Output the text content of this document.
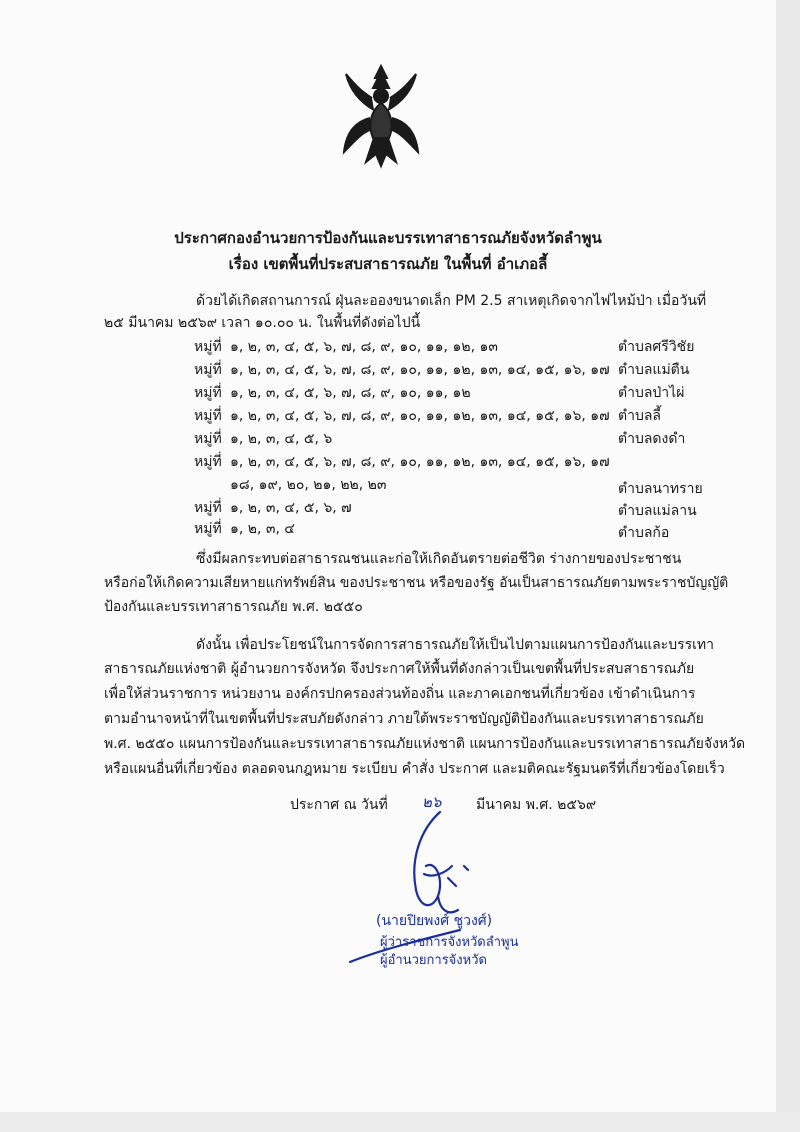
ประกาศกองอำนวยการป้องกันและบรรเทาสาธารณภัยจังหวัดลำพูน
เรื่อง เขตพื้นที่ประสบสาธารณภัย ในพื้นที่ อำเภอลี้
ด้วยได้เกิดสถานการณ์ ฝุ่นละอองขนาดเล็ก PM 2.5 สาเหตุเกิดจากไฟไหม้ป่า เมื่อวันที่
๒๕ มีนาคม ๒๕๖๙ เวลา ๑๐.๐๐ น. ในพื้นที่ดังต่อไปนี้
หมู่ที่ ๑, ๒, ๓, ๔, ๕, ๖, ๗, ๘, ๙, ๑๐, ๑๑, ๑๒, ๑๓	ตำบลศรีวิชัย
หมู่ที่ ๑, ๒, ๓, ๔, ๕, ๖, ๗, ๘, ๙, ๑๐, ๑๑, ๑๒, ๑๓, ๑๔, ๑๕, ๑๖, ๑๗ ตำบลแม่ตืน
หมู่ที่ ๑, ๒, ๓, ๔, ๕, ๖, ๗, ๘, ๙, ๑๐, ๑๑, ๑๒	ตำบลป่าไผ่
หมู่ที่ ๑, ๒, ๓, ๔, ๕, ๖, ๗, ๘, ๙, ๑๐, ๑๑, ๑๒, ๑๓, ๑๔, ๑๕, ๑๖, ๑๗ ตำบลลี้
หมู่ที่ ๑, ๒, ๓, ๔, ๕, ๖	ตำบลดงดำ
หมู่ที่ ๑, ๒, ๓, ๔, ๕, ๖, ๗, ๘, ๙, ๑๐, ๑๑, ๑๒, ๑๓, ๑๔, ๑๕, ๑๖, ๑๗
๑๘, ๑๙, ๒๐, ๒๑, ๒๒, ๒๓	ตำบลนาทราย
หมู่ที่ ๑, ๒, ๓, ๔, ๕, ๖, ๗	ตำบลแม่ลาน
หมู่ที่ ๑, ๒, ๓, ๔	ตำบลก้อ
ซึ่งมีผลกระทบต่อสาธารณชนและก่อให้เกิดอันตรายต่อชีวิต ร่างกายของประชาชน
หรือก่อให้เกิดความเสียหายแก่ทรัพย์สิน ของประชาชน หรือของรัฐ อันเป็นสาธารณภัยตามพระราชบัญญัติ
ป้องกันและบรรเทาสาธารณภัย พ.ศ. ๒๕๕๐
ดังนั้น เพื่อประโยชน์ในการจัดการสาธารณภัยให้เป็นไปตามแผนการป้องกันและบรรเทา
สาธารณภัยแห่งชาติ ผู้อำนวยการจังหวัด จึงประกาศให้พื้นที่ดังกล่าวเป็นเขตพื้นที่ประสบสาธารณภัย
เพื่อให้ส่วนราชการ หน่วยงาน องค์กรปกครองส่วนท้องถิ่น และภาคเอกชนที่เกี่ยวข้อง เข้าดำเนินการ
ตามอำนาจหน้าที่ในเขตพื้นที่ประสบภัยดังกล่าว ภายใต้พระราชบัญญัติป้องกันและบรรเทาสาธารณภัย
พ.ศ. ๒๕๕๐ แผนการป้องกันและบรรเทาสาธารณภัยแห่งชาติ แผนการป้องกันและบรรเทาสาธารณภัยจังหวัด
หรือแผนอื่นที่เกี่ยวข้อง ตลอดจนกฎหมาย ระเบียบ คำสั่ง ประกาศ และมติคณะรัฐมนตรีที่เกี่ยวข้องโดยเร็ว
ประกาศ ณ วันที่ ๒๖ มีนาคม พ.ศ. ๒๕๖๙
(นายปิยพงศ์ ชูวงศ์)
ผู้ว่าราชการจังหวัดลำพูน
ผู้อำนวยการจังหวัด
